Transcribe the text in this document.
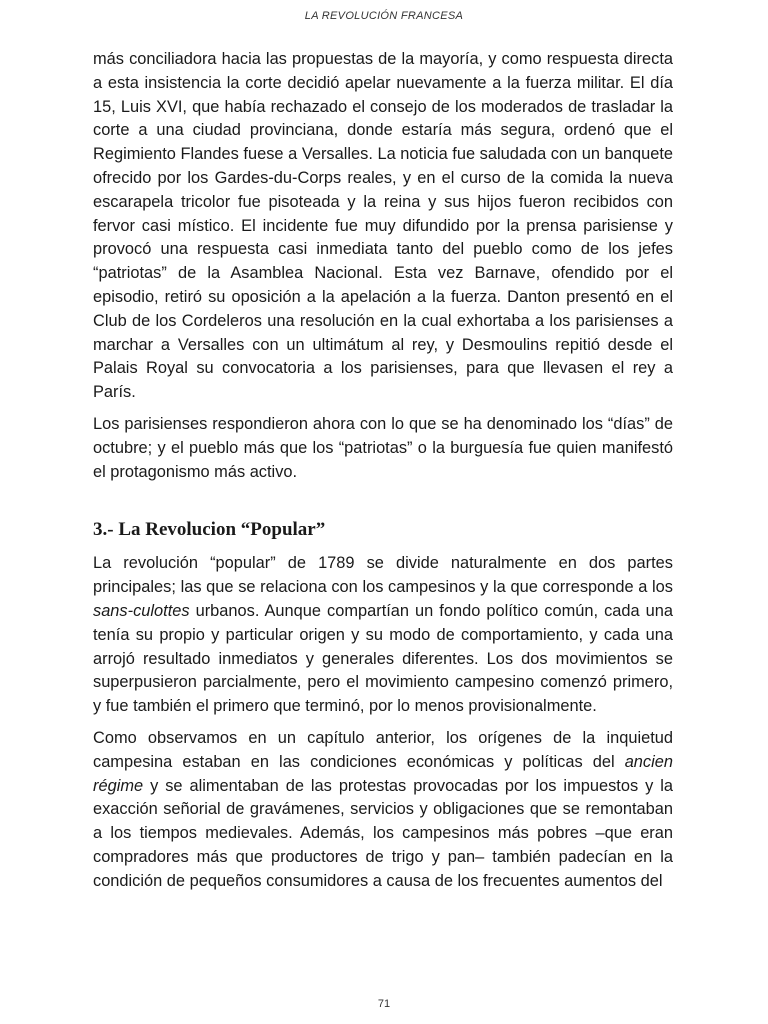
LA REVOLUCIÓN FRANCESA

más conciliadora hacia las propuestas de la mayoría, y como respuesta directa a esta insistencia la corte decidió apelar nuevamente a la fuerza militar. El día 15, Luis XVI, que había rechazado el consejo de los moderados de trasladar la corte a una ciudad provinciana, donde estaría más segura, ordenó que el Regimiento Flandes fuese a Versalles. La noticia fue saludada con un banquete ofrecido por los Gardes-du-Corps reales, y en el curso de la comida la nueva escarapela tricolor fue pisoteada y la reina y sus hijos fueron recibidos con fervor casi místico. El incidente fue muy difundido por la prensa parisiense y provocó una respuesta casi inmediata tanto del pueblo como de los jefes “patriotas” de la Asamblea Nacional. Esta vez Barnave, ofendido por el episodio, retiró su oposición a la apelación a la fuerza. Danton presentó en el Club de los Cordeleros una resolución en la cual exhortaba a los parisienses a marchar a Versalles con un ultimátum al rey, y Desmoulins repitió desde el Palais Royal su convocatoria a los parisienses, para que llevasen el rey a París.

Los parisienses respondieron ahora con lo que se ha denominado los “días” de octubre; y el pueblo más que los “patriotas” o la burguesía fue quien manifestó el protagonismo más activo.

3.- La Revolucion “Popular”

La revolución “popular” de 1789 se divide naturalmente en dos partes principales; las que se relaciona con los campesinos y la que corresponde a los sans-culottes urbanos. Aunque compartían un fondo político común, cada una tenía su propio y particular origen y su modo de comportamiento, y cada una arrojó resultado inmediatos y generales diferentes. Los dos movimientos se superpusieron parcialmente, pero el movimiento campesino comenzó primero, y fue también el primero que terminó, por lo menos provisionalmente.

Como observamos en un capítulo anterior, los orígenes de la inquietud campesina estaban en las condiciones económicas y políticas del ancien régime y se alimentaban de las protestas provocadas por los impuestos y la exacción señorial de gravámenes, servicios y obligaciones que se remontaban a los tiempos medievales. Además, los campesinos más pobres –que eran compradores más que productores de trigo y pan– también padecían en la condición de pequeños consumidores a causa de los frecuentes aumentos del

71
